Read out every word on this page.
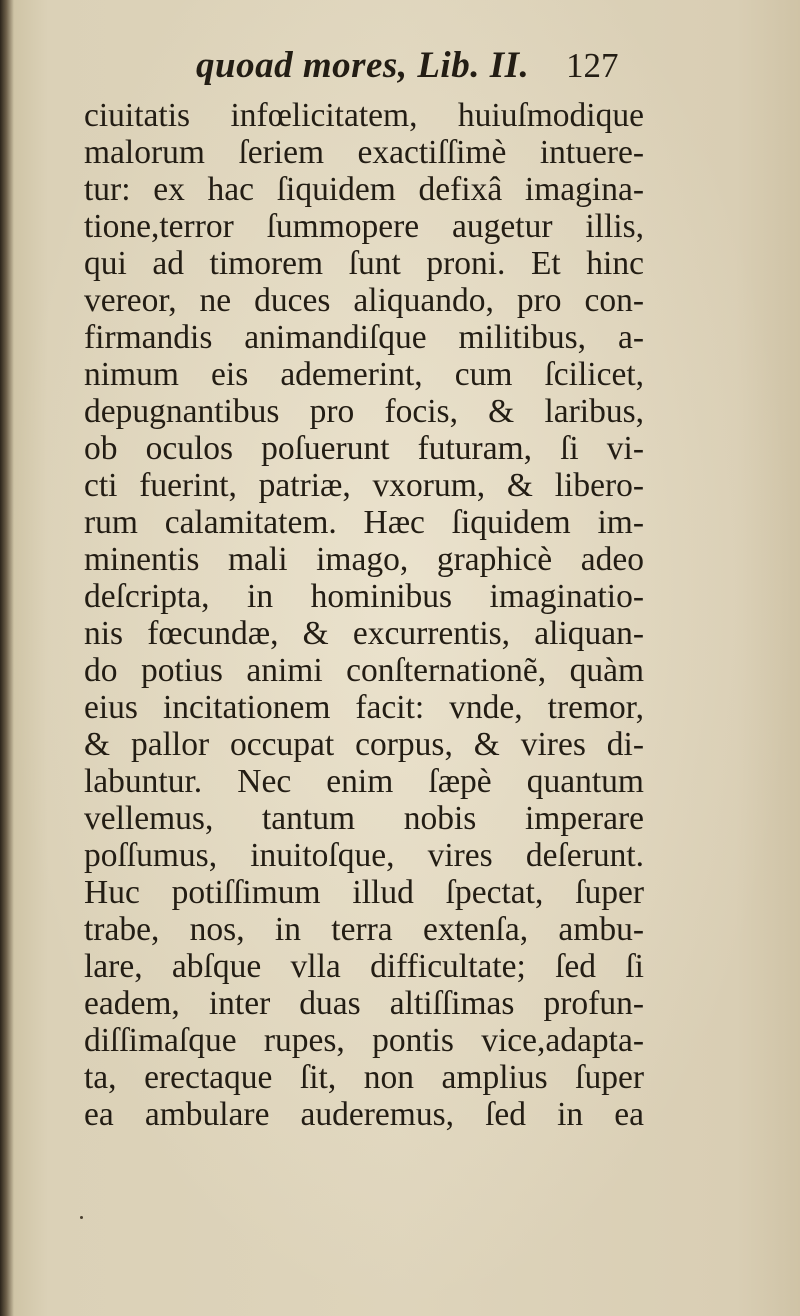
quoad mores, Lib. II. 127
ciuitatis infœlicitatem, huiuſmodique
malorum ſeriem exactiſſimè intuere-
tur: ex hac ſiquidem defixâ imagina-
tione,terror ſummopere augetur illis,
qui ad timorem ſunt proni. Et hinc
vereor, ne duces aliquando, pro con-
firmandis animandiſque militibus, a-
nimum eis ademerint, cum ſcilicet,
depugnantibus pro focis, & laribus,
ob oculos poſuerunt futuram, ſi vi-
cti fuerint, patriæ, vxorum, & libero-
rum calamitatem. Hæc ſiquidem im-
minentis mali imago, graphicè adeo
deſcripta, in hominibus imaginatio-
nis fœcundæ, & excurrentis, aliquan-
do potius animi conſternationẽ, quàm
eius incitationem facit: vnde, tremor,
& pallor occupat corpus, & vires di-
labuntur. Nec enim ſæpè quantum
vellemus, tantum nobis imperare
poſſumus, inuitoſque, vires deſerunt.
Huc potiſſimum illud ſpectat, ſuper
trabe, nos, in terra extenſa, ambu-
lare, abſque vlla difficultate; ſed ſi
eadem, inter duas altiſſimas profun-
diſſimaſque rupes, pontis vice,adapta-
ta, erectaque ſit, non amplius ſuper
ea ambulare auderemus, ſed in ea
